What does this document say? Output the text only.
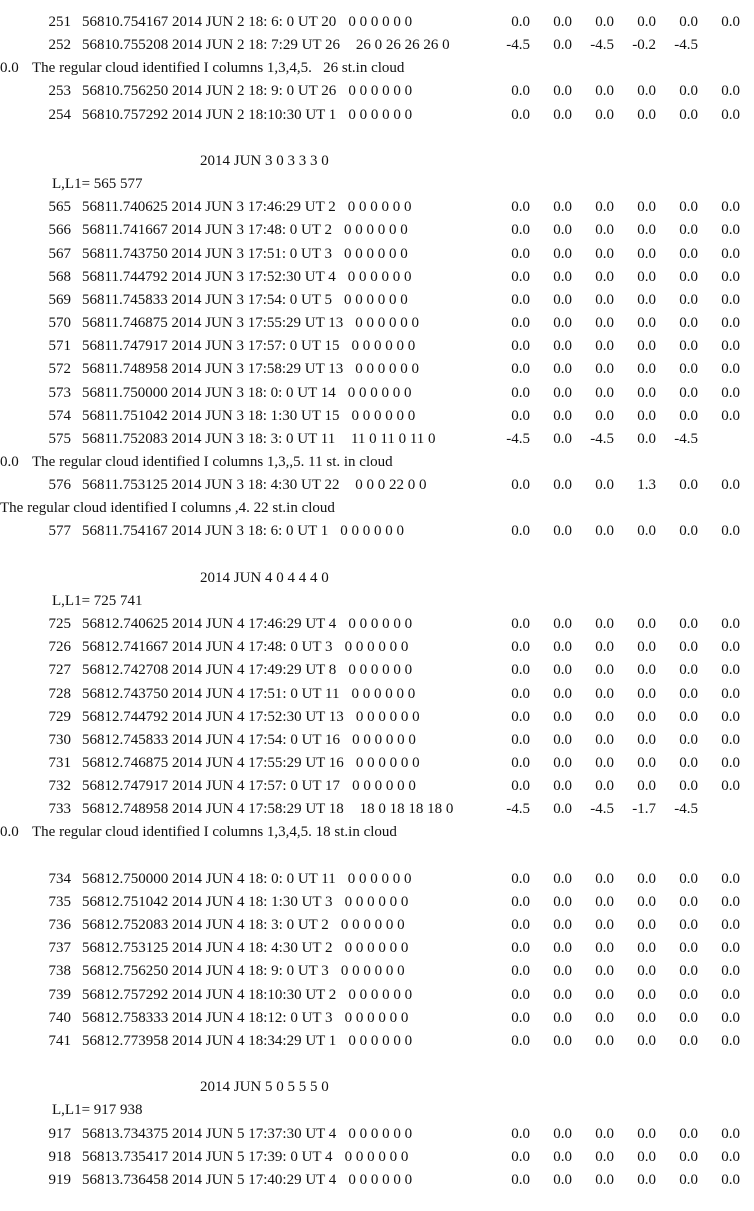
251 56810.754167 2014 JUN 2 18: 6: 0 UT 20 0 0 0 0 0 0	0.0 0.0 0.0 0.0 0.0 0.0
252 56810.755208 2014 JUN 2 18: 7:29 UT 26 26 0 26 26 26 0	-4.5 0.0 -4.5 -0.2 -4.5
0.0 The regular cloud identified I columns 1,3,4,5.   26 st.in cloud
253 56810.756250 2014 JUN 2 18: 9: 0 UT 26 0 0 0 0 0 0	0.0 0.0 0.0 0.0 0.0 0.0
254 56810.757292 2014 JUN 2 18:10:30 UT 1 0 0 0 0 0 0	0.0 0.0 0.0 0.0 0.0 0.0
2014 JUN 3 0 3 3 3 0
L,L1= 565 577
565 56811.740625 2014 JUN 3 17:46:29 UT 2 0 0 0 0 0 0	0.0 0.0 0.0 0.0 0.0 0.0
566 56811.741667 2014 JUN 3 17:48: 0 UT 2 0 0 0 0 0 0	0.0 0.0 0.0 0.0 0.0 0.0
567 56811.743750 2014 JUN 3 17:51: 0 UT 3 0 0 0 0 0 0	0.0 0.0 0.0 0.0 0.0 0.0
568 56811.744792 2014 JUN 3 17:52:30 UT 4 0 0 0 0 0 0	0.0 0.0 0.0 0.0 0.0 0.0
569 56811.745833 2014 JUN 3 17:54: 0 UT 5 0 0 0 0 0 0	0.0 0.0 0.0 0.0 0.0 0.0
570 56811.746875 2014 JUN 3 17:55:29 UT 13 0 0 0 0 0 0	0.0 0.0 0.0 0.0 0.0 0.0
571 56811.747917 2014 JUN 3 17:57: 0 UT 15 0 0 0 0 0 0	0.0 0.0 0.0 0.0 0.0 0.0
572 56811.748958 2014 JUN 3 17:58:29 UT 13 0 0 0 0 0 0	0.0 0.0 0.0 0.0 0.0 0.0
573 56811.750000 2014 JUN 3 18: 0: 0 UT 14 0 0 0 0 0 0	0.0 0.0 0.0 0.0 0.0 0.0
574 56811.751042 2014 JUN 3 18: 1:30 UT 15 0 0 0 0 0 0	0.0 0.0 0.0 0.0 0.0 0.0
575 56811.752083 2014 JUN 3 18: 3: 0 UT 11 11 0 11 0 11 0	-4.5 0.0 -4.5 0.0 -4.5
0.0 The regular cloud identified I columns 1,3,,5. 11 st. in cloud
576 56811.753125 2014 JUN 3 18: 4:30 UT 22 0 0 0 22 0 0	0.0 0.0 0.0 1.3 0.0 0.0
The regular cloud identified I columns ,4. 22 st.in cloud
577 56811.754167 2014 JUN 3 18: 6: 0 UT 1 0 0 0 0 0 0	0.0 0.0 0.0 0.0 0.0 0.0
2014 JUN 4 0 4 4 4 0
L,L1= 725 741
725 56812.740625 2014 JUN 4 17:46:29 UT 4 0 0 0 0 0 0	0.0 0.0 0.0 0.0 0.0 0.0
726 56812.741667 2014 JUN 4 17:48: 0 UT 3 0 0 0 0 0 0	0.0 0.0 0.0 0.0 0.0 0.0
727 56812.742708 2014 JUN 4 17:49:29 UT 8 0 0 0 0 0 0	0.0 0.0 0.0 0.0 0.0 0.0
728 56812.743750 2014 JUN 4 17:51: 0 UT 11 0 0 0 0 0 0	0.0 0.0 0.0 0.0 0.0 0.0
729 56812.744792 2014 JUN 4 17:52:30 UT 13 0 0 0 0 0 0	0.0 0.0 0.0 0.0 0.0 0.0
730 56812.745833 2014 JUN 4 17:54: 0 UT 16 0 0 0 0 0 0	0.0 0.0 0.0 0.0 0.0 0.0
731 56812.746875 2014 JUN 4 17:55:29 UT 16 0 0 0 0 0 0	0.0 0.0 0.0 0.0 0.0 0.0
732 56812.747917 2014 JUN 4 17:57: 0 UT 17 0 0 0 0 0 0	0.0 0.0 0.0 0.0 0.0 0.0
733 56812.748958 2014 JUN 4 17:58:29 UT 18 18 0 18 18 18 0	-4.5 0.0 -4.5 -1.7 -4.5
0.0 The regular cloud identified I columns 1,3,4,5. 18 st.in cloud
734 56812.750000 2014 JUN 4 18: 0: 0 UT 11 0 0 0 0 0 0	0.0 0.0 0.0 0.0 0.0 0.0
735 56812.751042 2014 JUN 4 18: 1:30 UT 3 0 0 0 0 0 0	0.0 0.0 0.0 0.0 0.0 0.0
736 56812.752083 2014 JUN 4 18: 3: 0 UT 2 0 0 0 0 0 0	0.0 0.0 0.0 0.0 0.0 0.0
737 56812.753125 2014 JUN 4 18: 4:30 UT 2 0 0 0 0 0 0	0.0 0.0 0.0 0.0 0.0 0.0
738 56812.756250 2014 JUN 4 18: 9: 0 UT 3 0 0 0 0 0 0	0.0 0.0 0.0 0.0 0.0 0.0
739 56812.757292 2014 JUN 4 18:10:30 UT 2 0 0 0 0 0 0	0.0 0.0 0.0 0.0 0.0 0.0
740 56812.758333 2014 JUN 4 18:12: 0 UT 3 0 0 0 0 0 0	0.0 0.0 0.0 0.0 0.0 0.0
741 56812.773958 2014 JUN 4 18:34:29 UT 1 0 0 0 0 0 0	0.0 0.0 0.0 0.0 0.0 0.0
2014 JUN 5 0 5 5 5 0
L,L1= 917 938
917 56813.734375 2014 JUN 5 17:37:30 UT 4 0 0 0 0 0 0	0.0 0.0 0.0 0.0 0.0 0.0
918 56813.735417 2014 JUN 5 17:39: 0 UT 4 0 0 0 0 0 0	0.0 0.0 0.0 0.0 0.0 0.0
919 56813.736458 2014 JUN 5 17:40:29 UT 4 0 0 0 0 0 0	0.0 0.0 0.0 0.0 0.0 0.0
